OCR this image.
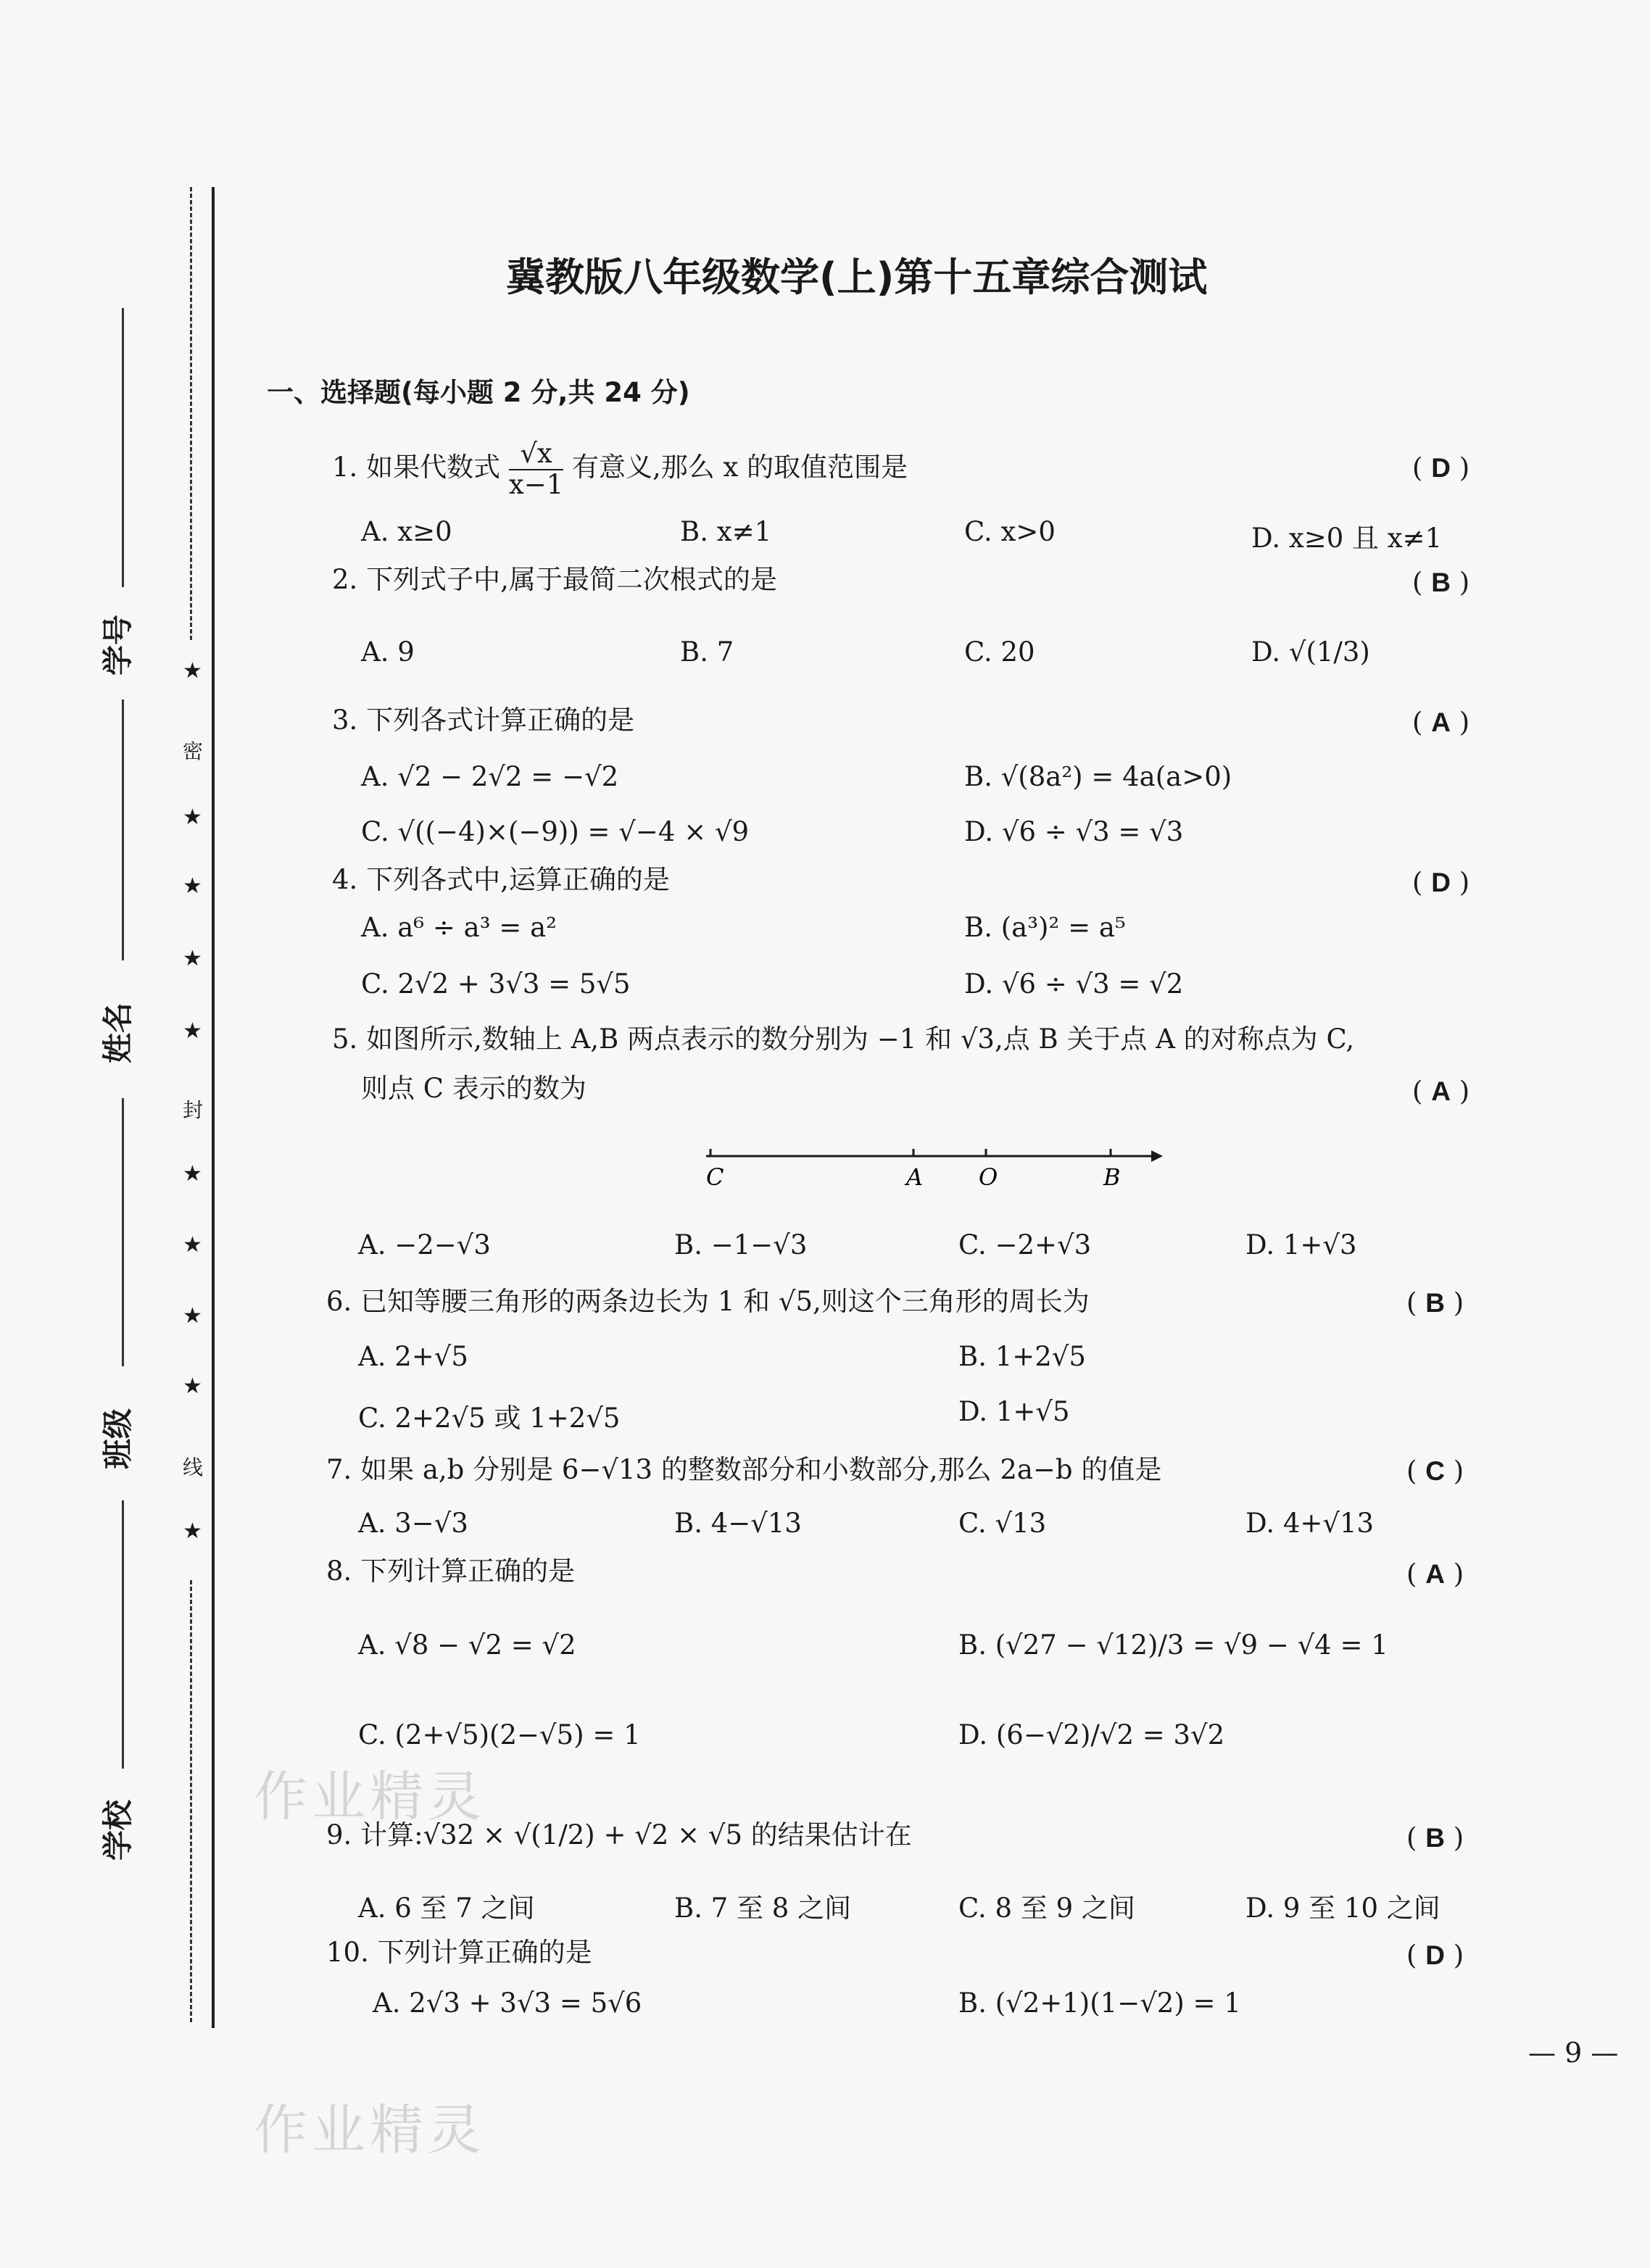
学号
姓名
班级
学校
★
密
★
★
★
★
封
★
★
★
★
线
★
冀教版八年级数学(上)第十五章综合测试
一、选择题(每小题 2 分,共 24 分)
1. 如果代数式 $\frac{√x}{x-1}$ 有意义,那么 x 的取值范围是	( D )
A. x≥0	B. x≠1	C. x>0	D. x≥0 且 x≠1
2. 下列式子中,属于最简二次根式的是	( B )
A. 9	B. 7	C. 20	D. √(1/3)
3. 下列各式计算正确的是	( A )
A. √2 − 2√2 = −√2	B. √(8a²) = 4a(a>0)
C. √((−4)×(−9)) = √−4 × √9	D. √6 ÷ √3 = √3
4. 下列各式中,运算正确的是	( D )
A. a⁶ ÷ a³ = a²	B. (a³)² = a⁵
C. 2√2 + 3√3 = 5√5	D. √6 ÷ √3 = √2
5. 如图所示,数轴上 A,B 两点表示的数分别为 −1 和 √3,点 B 关于点 A 的对称点为 C,
则点 C 表示的数为	( A )
C	A O	B
A. −2−√3	B. −1−√3	C. −2+√3	D. 1+√3
6. 已知等腰三角形的两条边长为 1 和 √5,则这个三角形的周长为	( B )
A. 2+√5	B. 1+2√5
C. 2+2√5 或 1+2√5	D. 1+√5
7. 如果 a,b 分别是 6−√13 的整数部分和小数部分,那么 2a−b 的值是	( C )
A. 3−√3	B. 4−√13	C. √13	D. 4+√13
8. 下列计算正确的是	( A )
A. √8 − √2 = √2	B. (√27 − √12)/3 = √9 − √4 = 1
C. (2+√5)(2−√5) = 1	D. (6−√2)/√2 = 3√2
9. 计算:√32 × √(1/2) + √2 × √5 的结果估计在	( B )
A. 6 至 7 之间	B. 7 至 8 之间	C. 8 至 9 之间	D. 9 至 10 之间
10. 下列计算正确的是	( D )
A. 2√3 + 3√3 = 5√6	B. (√2+1)(1−√2) = 1
作业精灵
作业精灵
— 9 —
